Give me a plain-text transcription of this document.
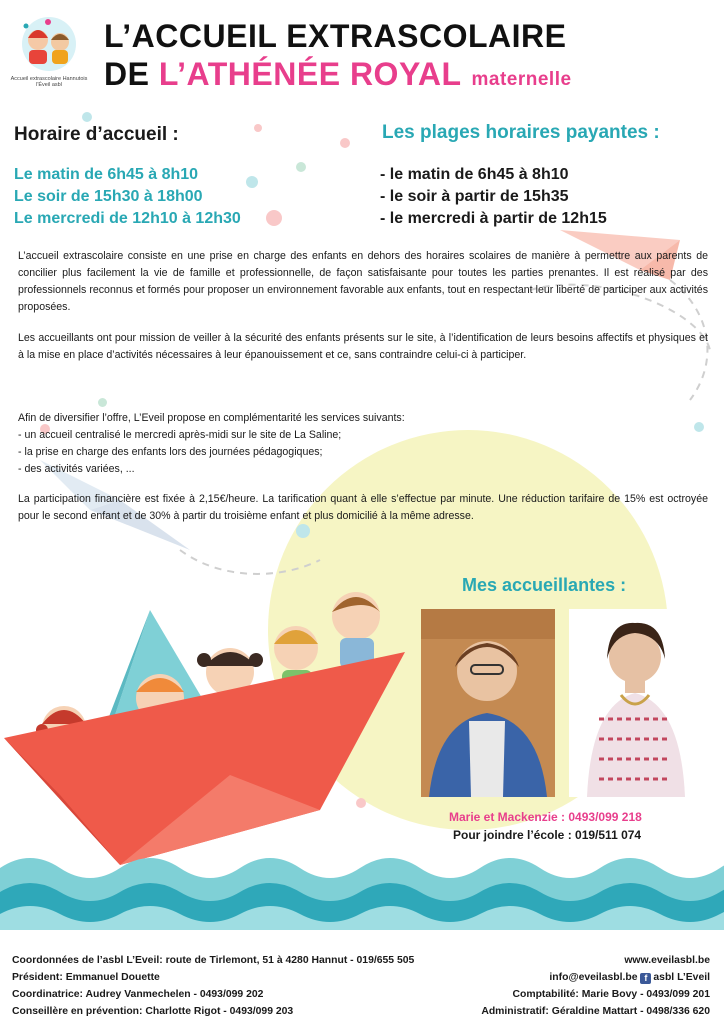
Accueil extrascolaire Hannutois
l'Éveil asbl
L’ACCUEIL EXTRASCOLAIRE
DE L’ATHÉNÉE ROYAL maternelle
Horaire d’accueil :	Les plages horaires payantes :
Le matin de 6h45 à 8h10
Le soir de 15h30 à 18h00
Le mercredi de 12h10 à 12h30
- le matin de 6h45 à 8h10
- le soir à partir de 15h35
- le mercredi à partir de 12h15
L’accueil extrascolaire consiste en une prise en charge des enfants en dehors des horaires scolaires de manière à permettre aux parents de concilier plus facilement la vie de famille et professionnelle, de façon satisfaisante pour toutes les parties prenantes. Il est réalisé par des professionnels reconnus et formés pour proposer un environnement favorable aux enfants, tout en respectant leur liberté de participer aux activités proposées.
Les accueillants ont pour mission de veiller à la sécurité des enfants présents sur le site, à l’identification de leurs besoins affectifs et physiques et à la mise en place d’activités nécessaires à leur épanouissement et ce, sans contraindre celui-ci à participer.
Afin de diversifier l’offre, L’Eveil propose en complémentarité les services suivants:
- un accueil centralisé le mercredi après-midi sur le site de La Saline;
- la prise en charge des enfants lors des journées pédagogiques;
- des activités variées, ...
La participation financière est fixée à 2,15€/heure. La tarification quant à elle s’effectue par minute. Une réduction tarifaire de 15% est octroyée pour le second enfant et de 30% à partir du troisième enfant et plus domicilié à la même adresse.
Mes accueillantes :
Marie et Mackenzie : 0493/099 218
Pour joindre l’école : 019/511 074
Coordonnées de l’asbl L’Eveil: route de Tirlemont, 51 à 4280 Hannut - 019/655 505
Président: Emmanuel Douette
Coordinatrice: Audrey Vanmechelen - 0493/099 202
Conseillère en prévention: Charlotte Rigot - 0493/099 203
www.eveilasbl.be
info@eveilasbl.be f asbl L’Eveil
Comptabilité: Marie Bovy - 0493/099 201
Administratif: Géraldine Mattart - 0498/336 620
